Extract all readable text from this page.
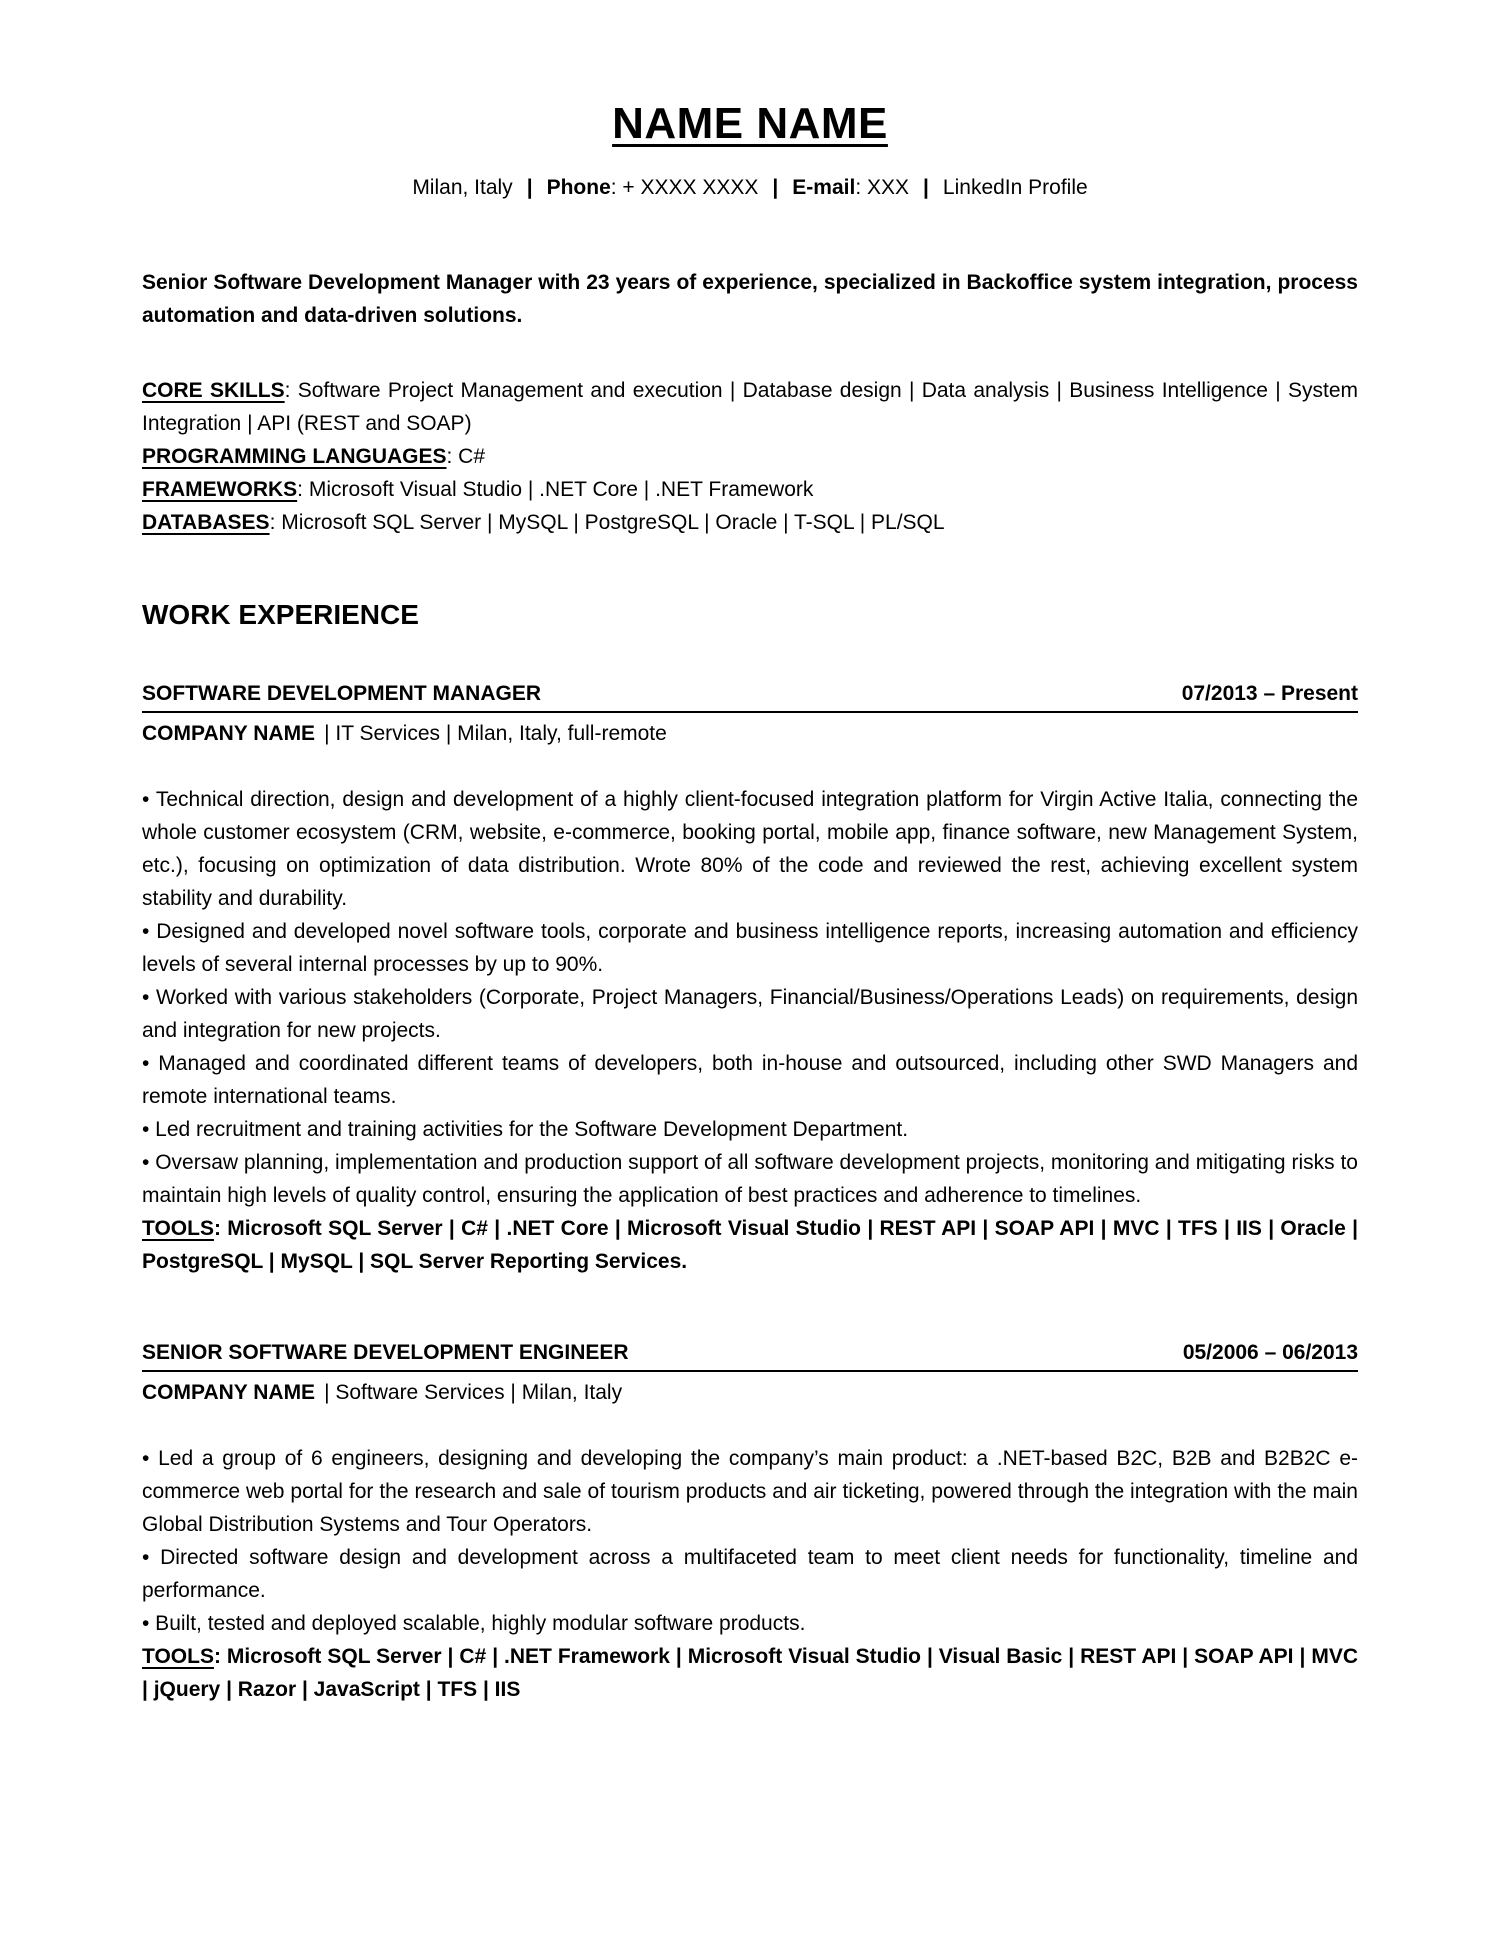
NAME NAME

Milan, Italy | Phone: + XXXX XXXX | E-mail: XXX | LinkedIn Profile

Senior Software Development Manager with 23 years of experience, specialized in Backoffice system integration, process automation and data-driven solutions.

CORE SKILLS: Software Project Management and execution | Database design | Data analysis | Business Intelligence | System Integration | API (REST and SOAP)

PROGRAMMING LANGUAGES: C#

FRAMEWORKS: Microsoft Visual Studio | .NET Core | .NET Framework

DATABASES: Microsoft SQL Server | MySQL | PostgreSQL | Oracle | T-SQL | PL/SQL

WORK EXPERIENCE
SOFTWARE DEVELOPMENT MANAGER	07/2013 – Present

COMPANY NAME | IT Services | Milan, Italy, full-remote

• Technical direction, design and development of a highly client-focused integration platform for Virgin Active Italia, connecting the whole customer ecosystem (CRM, website, e-commerce, booking portal, mobile app, finance software, new Management System, etc.), focusing on optimization of data distribution. Wrote 80% of the code and reviewed the rest, achieving excellent system stability and durability.

• Designed and developed novel software tools, corporate and business intelligence reports, increasing automation and efficiency levels of several internal processes by up to 90%.

• Worked with various stakeholders (Corporate, Project Managers, Financial/Business/Operations Leads) on requirements, design and integration for new projects.

• Managed and coordinated different teams of developers, both in-house and outsourced, including other SWD Managers and remote international teams.

• Led recruitment and training activities for the Software Development Department.

• Oversaw planning, implementation and production support of all software development projects, monitoring and mitigating risks to maintain high levels of quality control, ensuring the application of best practices and adherence to timelines.

TOOLS: Microsoft SQL Server | C# | .NET Core | Microsoft Visual Studio | REST API | SOAP API | MVC | TFS | IIS | Oracle | PostgreSQL | MySQL | SQL Server Reporting Services.

SENIOR SOFTWARE DEVELOPMENT ENGINEER	05/2006 – 06/2013

COMPANY NAME | Software Services | Milan, Italy

• Led a group of 6 engineers, designing and developing the company’s main product: a .NET-based B2C, B2B and B2B2C e-commerce web portal for the research and sale of tourism products and air ticketing, powered through the integration with the main Global Distribution Systems and Tour Operators.

• Directed software design and development across a multifaceted team to meet client needs for functionality, timeline and performance.

• Built, tested and deployed scalable, highly modular software products.

TOOLS: Microsoft SQL Server | C# | .NET Framework | Microsoft Visual Studio | Visual Basic | REST API | SOAP API | MVC | jQuery | Razor | JavaScript | TFS | IIS
